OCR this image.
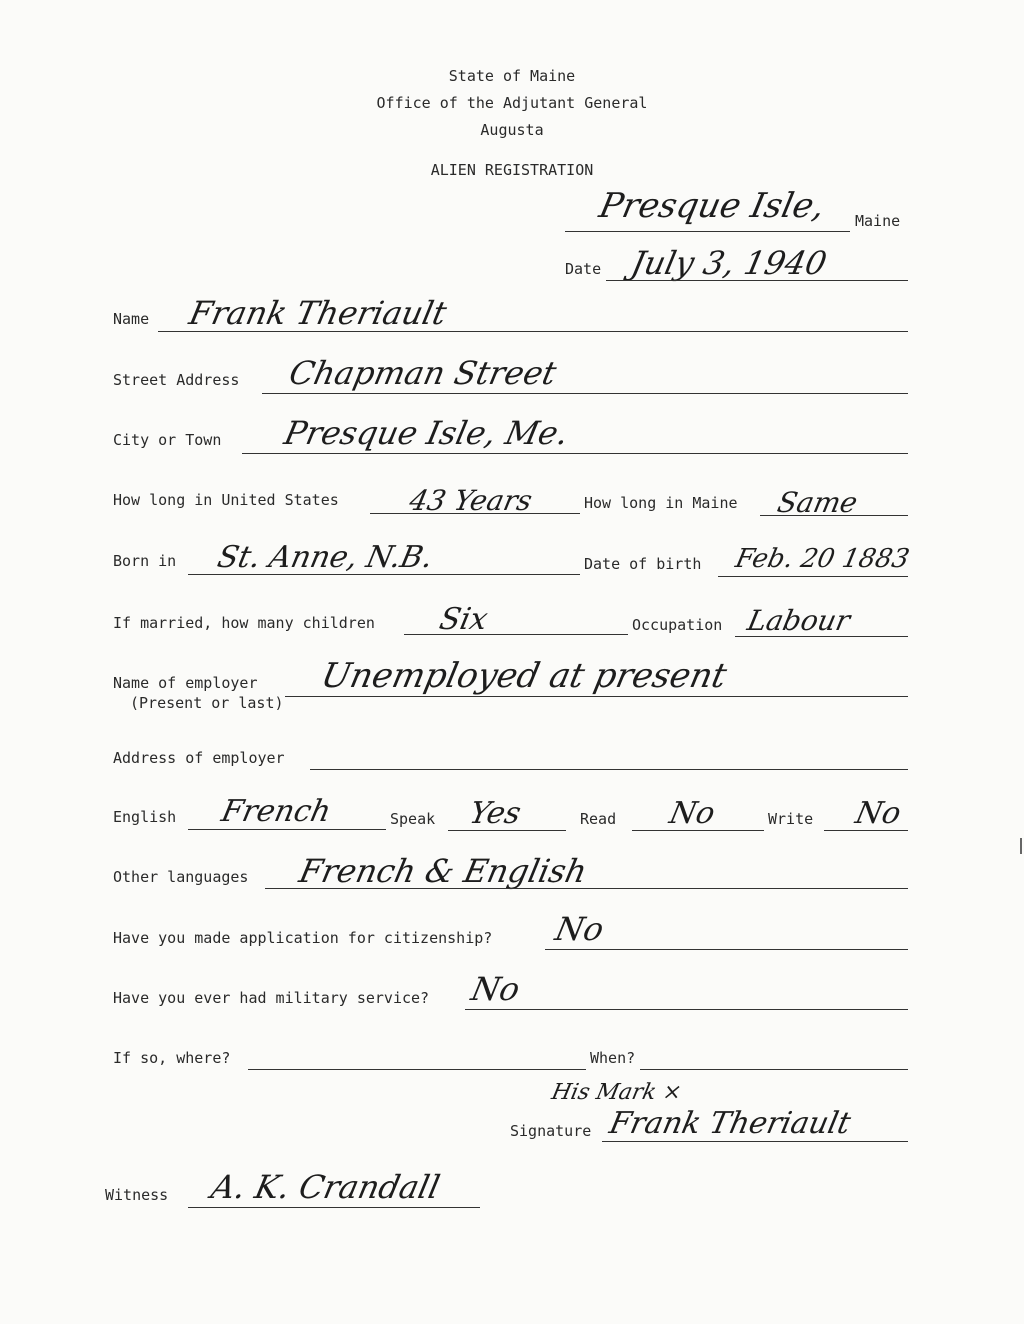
State of Maine
Office of the Adjutant General
Augusta
ALIEN REGISTRATION
Presque Isle, Maine
Date July 3, 1940
Name Frank Theriault
Street Address Chapman Street
City or Town Presque Isle, Me.
How long in United States 43 Years	How long in Maine Same
Born in St. Anne, N.B.	Date of birth Feb. 20 1883
If married, how many children Six	Occupation Labour
Name of employer
(Present or last)
Unemployed at present
Address of employer
English French	Speak Yes	Read No	Write No
Other languages French & English
Have you made application for citizenship? No
Have you ever had military service? No
If so, where?	When?
His Mark ×
Signature Frank Theriault
Witness A. K. Crandall
